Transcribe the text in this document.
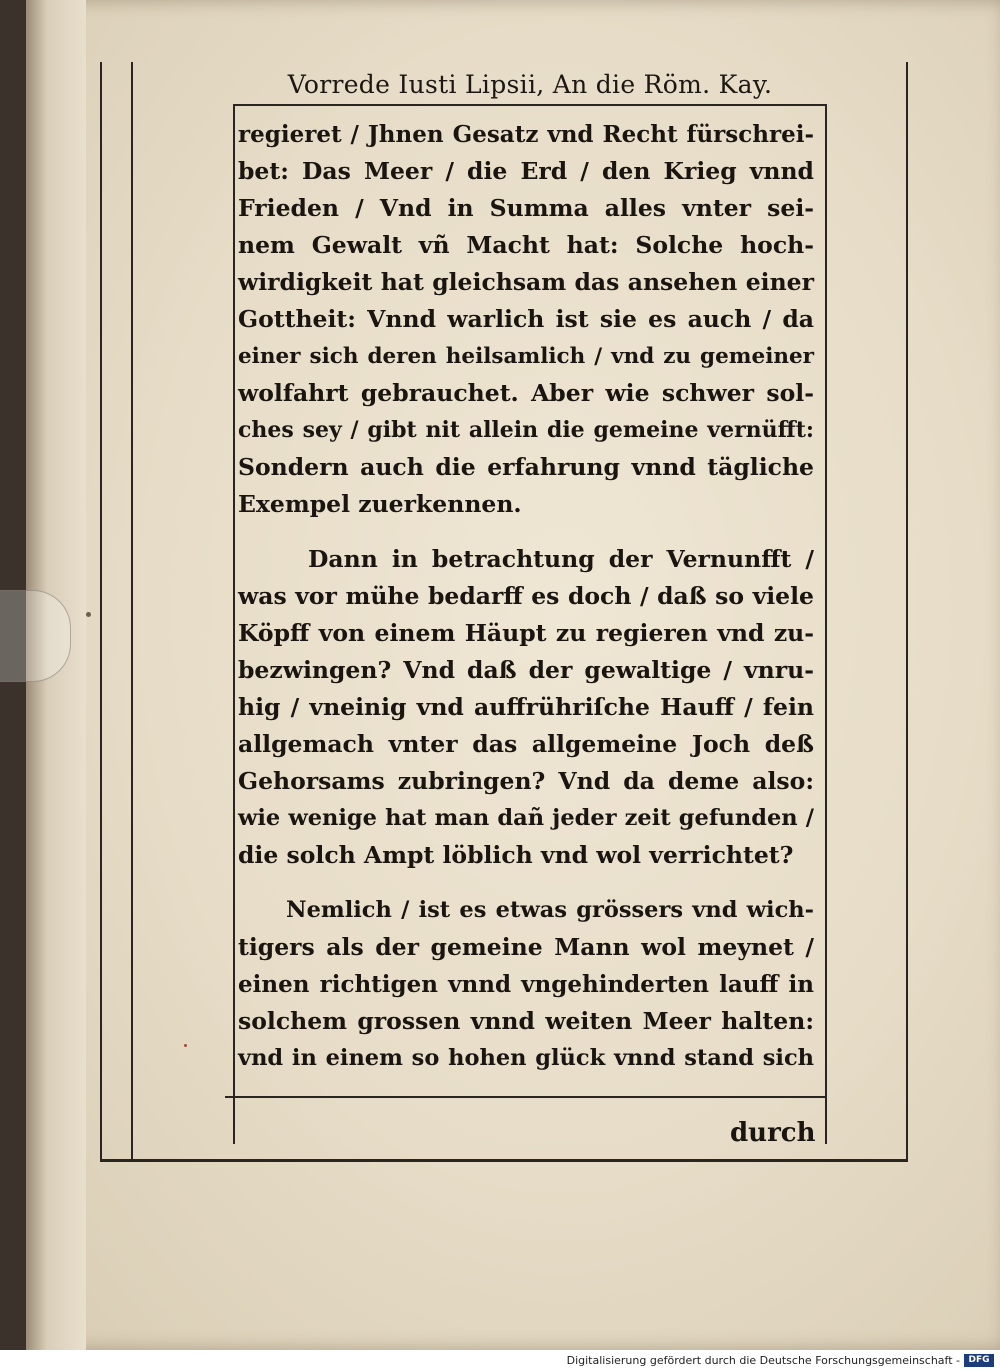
Vorrede Iusti Lipsii, An die Röm. Kay.
regieret / Jhnen Gesatz vnd Recht fürschrei-
bet: Das Meer / die Erd / den Krieg vnnd
Frieden / Vnd in Summa alles vnter sei-
nem Gewalt vñ Macht hat: Solche hoch-
wirdigkeit hat gleichsam das ansehen einer
Gottheit: Vnnd warlich ist sie es auch / da
einer sich deren heilsamlich / vnd zu gemeiner
wolfahrt gebrauchet. Aber wie schwer sol-
ches sey / gibt nit allein die gemeine vernüfft:
Sondern auch die erfahrung vnnd tägliche
Exempel zuerkennen.
Dann in betrachtung der Vernunfft /
was vor mühe bedarff es doch / daß so viele
Köpff von einem Häupt zu regieren vnd zu-
bezwingen? Vnd daß der gewaltige / vnru-
hig / vneinig vnd auffrühriſche Hauff / fein
allgemach vnter das allgemeine Joch deß
Gehorsams zubringen? Vnd da deme also:
wie wenige hat man dañ jeder zeit gefunden /
die solch Ampt löblich vnd wol verrichtet?
Nemlich / ist es etwas grössers vnd wich-
tigers als der gemeine Mann wol meynet /
einen richtigen vnnd vngehinderten lauff in
solchem grossen vnnd weiten Meer halten:
vnd in einem so hohen glück vnnd stand sich
durch
Digitalisierung gefördert durch die Deutsche Forschungsgemeinschaft - DFG
